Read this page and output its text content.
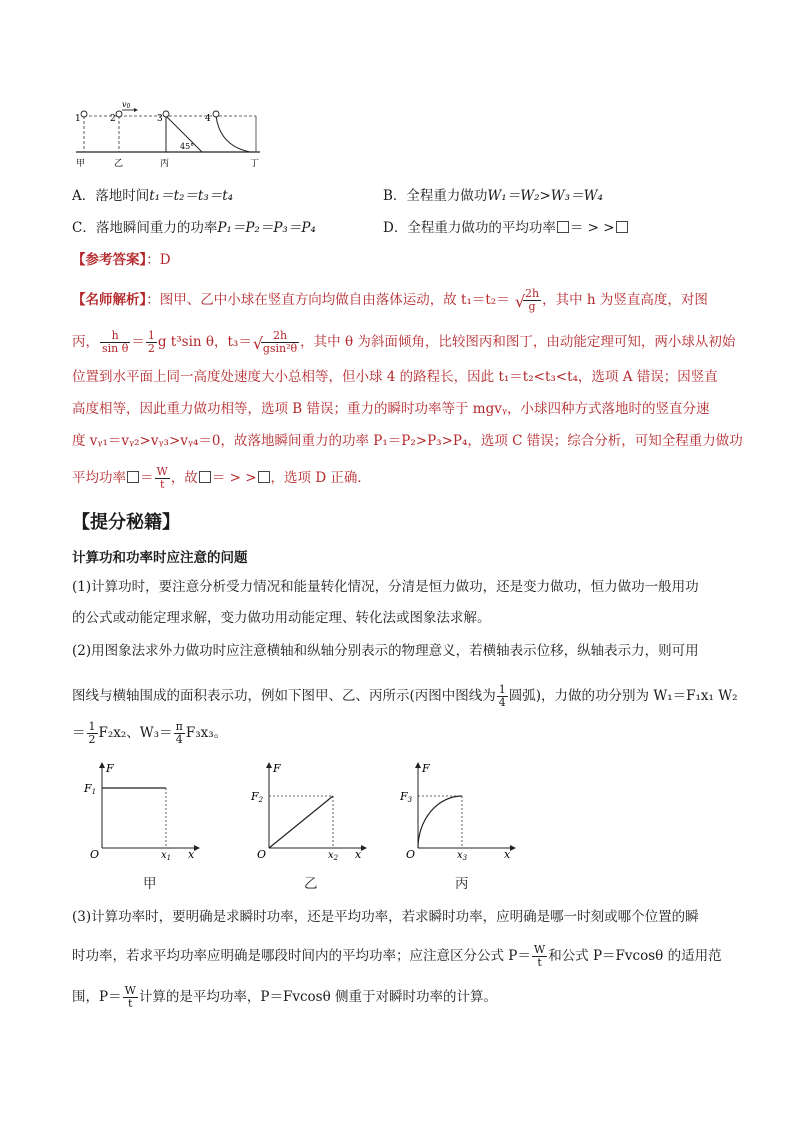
1	2	3	4
v0
45°
甲	乙	丙	丁
A．落地时间t₁＝t₂＝t₃＝t₄	B．全程重力做功W₁＝W₂>W₃＝W₄
C．落地瞬间重力的功率P₁＝P₂＝P₃＝P₄	D．全程重力做功的平均功率 ＝ > >
【参考答案】：D
【名师解析】：图甲、乙中小球在竖直方向均做自由落体运动，故 t₁＝t₂＝ √ 2h
g ，其中 h 为竖直高度，对图
丙， $\frac{h}{\text{sin θ}} = \frac{1}{2}$ g t³sin θ，t₃＝ √ 2h
gsin²θ ，其中 θ 为斜面倾角，比较图丙和图丁，由动能定理可知，两小球从初始
位置到水平面上同一高度处速度大小总相等，但小球 4 的路程长，因此 t₁＝t₂<t₃<t₄，选项 A 错误；因竖直
高度相等，因此重力做功相等，选项 B 错误；重力的瞬时功率等于 mgvᵧ，小球四种方式落地时的竖直分速
度 vᵧ₁＝vᵧ₂>vᵧ₃>vᵧ₄＝0，故落地瞬间重力的功率 P₁＝P₂>P₃>P₄，选项 C 错误；综合分析，可知全程重力做功
平均功率 ＝ $\frac{W}{t}$ ，故 ＝ > > ，选项 D 正确．
【提分秘籍】
计算功和功率时应注意的问题
(1)计算功时，要注意分析受力情况和能量转化情况，分清是恒力做功，还是变力做功，恒力做功一般用功
的公式或动能定理求解，变力做功用动能定理、转化法或图象法求解。
(2)用图象法求外力做功时应注意横轴和纵轴分别表示的物理意义，若横轴表示位移，纵轴表示力，则可用
图线与横轴围成的面积表示功，例如下图甲、乙、丙所示(丙图中图线为 $\frac{1}{4}$ 圆弧)，力做的功分别为 W₁＝F₁x₁ W₂
＝ $\frac{1}{2} F_2x_2$、$W_3= \frac{\pi}{4} F_3x_3$。
F
F1
O	$x_1$ x
F
F2
O	$x_2$ x
F
F3
O	$x_3$	x
甲	乙	丙
(3)计算功率时，要明确是求瞬时功率，还是平均功率，若求瞬时功率，应明确是哪一时刻或哪个位置的瞬
时功率，若求平均功率应明确是哪段时间内的平均功率；应注意区分公式 $P= \frac{W}{t}$ 和公式 P＝Fvcosθ 的适用范
围，$P= \frac{W}{t}$ 计算的是平均功率，P＝Fvcosθ 侧重于对瞬时功率的计算。
